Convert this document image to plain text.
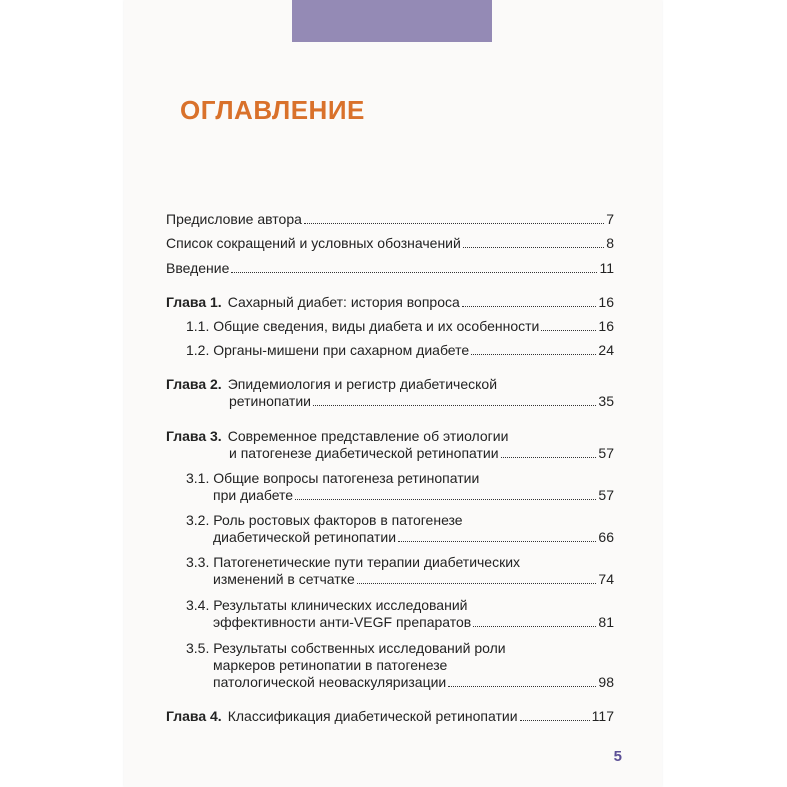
ОГЛАВЛЕНИЕ
Предисловие автора	7
Список сокращений и условных обозначений	8
Введение	11
Глава 1. Сахарный диабет: история вопроса	16
1.1. Общие сведения, виды диабета и их особенности	16
1.2. Органы-мишени при сахарном диабете	24
Глава 2. Эпидемиология и регистр диабетической
ретинопатии	35
Глава 3. Современное представление об этиологии
и патогенезе диабетической ретинопатии	57
3.1. Общие вопросы патогенеза ретинопатии
при диабете	57
3.2. Роль ростовых факторов в патогенезе
диабетической ретинопатии	66
3.3. Патогенетические пути терапии диабетических
изменений в сетчатке	74
3.4. Результаты клинических исследований
эффективности анти-VEGF препаратов	81
3.5. Результаты собственных исследований роли
маркеров ретинопатии в патогенезе
патологической неоваскуляризации	98
Глава 4. Классификация диабетической ретинопатии	117
5
